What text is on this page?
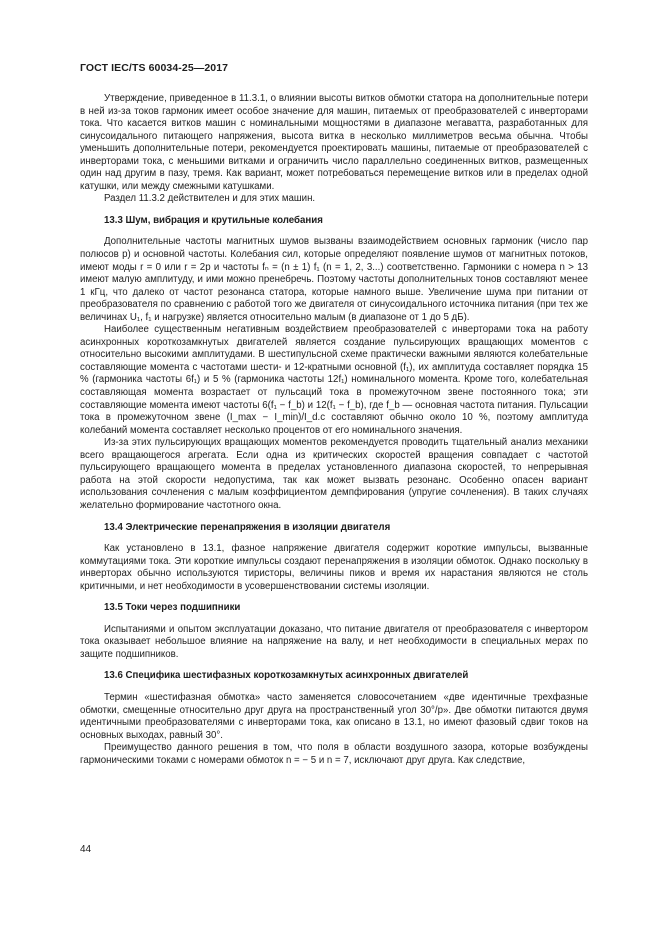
ГОСТ IEC/TS 60034-25—2017

Утверждение, приведенное в 11.3.1, о влиянии высоты витков обмотки статора на дополнительные потери в ней из-за токов гармоник имеет особое значение для машин, питаемых от преобразователей с инверторами тока. Что касается витков машин с номинальными мощностями в диапазоне мегаватта, разработанных для синусоидального питающего напряжения, высота витка в несколько миллиметров весьма обычна. Чтобы уменьшить дополнительные потери, рекомендуется проектировать машины, питаемые от преобразователей с инверторами тока, с меньшими витками и ограничить число параллельно соединенных витков, размещенных один над другим в пазу, тремя. Как вариант, может потребоваться перемещение витков или в пределах одной катушки, или между смежными катушками.

Раздел 11.3.2 действителен и для этих машин.

13.3 Шум, вибрация и крутильные колебания

Дополнительные частоты магнитных шумов вызваны взаимодействием основных гармоник (число пар полюсов p) и основной частоты. Колебания сил, которые определяют появление шумов от магнитных потоков, имеют моды r = 0 или r = 2p и частоты fₙ = (n ± 1) f₁ (n = 1, 2, 3...) соответственно. Гармоники с номера n > 13 имеют малую амплитуду, и ими можно пренебречь. Поэтому частоты дополнительных тонов составляют менее 1 кГц, что далеко от частот резонанса статора, которые намного выше. Увеличение шума при питании от преобразователя по сравнению с работой того же двигателя от синусоидального источника питания (при тех же величинах U₁, f₁ и нагрузке) является относительно малым (в диапазоне от 1 до 5 дБ).

Наиболее существенным негативным воздействием преобразователей с инверторами тока на работу асинхронных короткозамкнутых двигателей является создание пульсирующих вращающих моментов с относительно высокими амплитудами. В шестипульсной схеме практически важными являются колебательные составляющие момента с частотами шести- и 12-кратными основной (f₁), их амплитуда составляет порядка 15 % (гармоника частоты 6f₁) и 5 % (гармоника частоты 12f₁) номинального момента. Кроме того, колебательная составляющая момента возрастает от пульсаций тока в промежуточном звене постоянного тока; эти составляющие момента имеют частоты 6(f₁ − f_b) и 12(f₁ − f_b), где f_b — основная частота питания. Пульсации тока в промежуточном звене (I_max − I_min)/I_d.c составляют обычно около 10 %, поэтому амплитуда колебаний момента составляет несколько процентов от его номинального значения.

Из-за этих пульсирующих вращающих моментов рекомендуется проводить тщательный анализ механики всего вращающегося агрегата. Если одна из критических скоростей вращения совпадает с частотой пульсирующего вращающего момента в пределах установленного диапазона скоростей, то непрерывная работа на этой скорости недопустима, так как может вызвать резонанс. Особенно опасен вариант использования сочленения с малым коэффициентом демпфирования (упругие сочленения). В таких случаях желательно формирование частотного окна.

13.4 Электрические перенапряжения в изоляции двигателя

Как установлено в 13.1, фазное напряжение двигателя содержит короткие импульсы, вызванные коммутациями тока. Эти короткие импульсы создают перенапряжения в изоляции обмоток. Однако поскольку в инверторах обычно используются тиристоры, величины пиков и время их нарастания являются не столь критичными, и нет необходимости в усовершенствовании системы изоляции.

13.5 Токи через подшипники

Испытаниями и опытом эксплуатации доказано, что питание двигателя от преобразователя с инвертором тока оказывает небольшое влияние на напряжение на валу, и нет необходимости в специальных мерах по защите подшипников.

13.6 Специфика шестифазных короткозамкнутых асинхронных двигателей

Термин «шестифазная обмотка» часто заменяется словосочетанием «две идентичные трехфазные обмотки, смещенные относительно друг друга на пространственный угол 30°/p». Две обмотки питаются двумя идентичными преобразователями с инверторами тока, как описано в 13.1, но имеют фазовый сдвиг токов на основных выходах, равный 30°.

Преимущество данного решения в том, что поля в области воздушного зазора, которые возбуждены гармоническими токами с номерами обмоток n = − 5 и n = 7, исключают друг друга. Как следствие,

44
